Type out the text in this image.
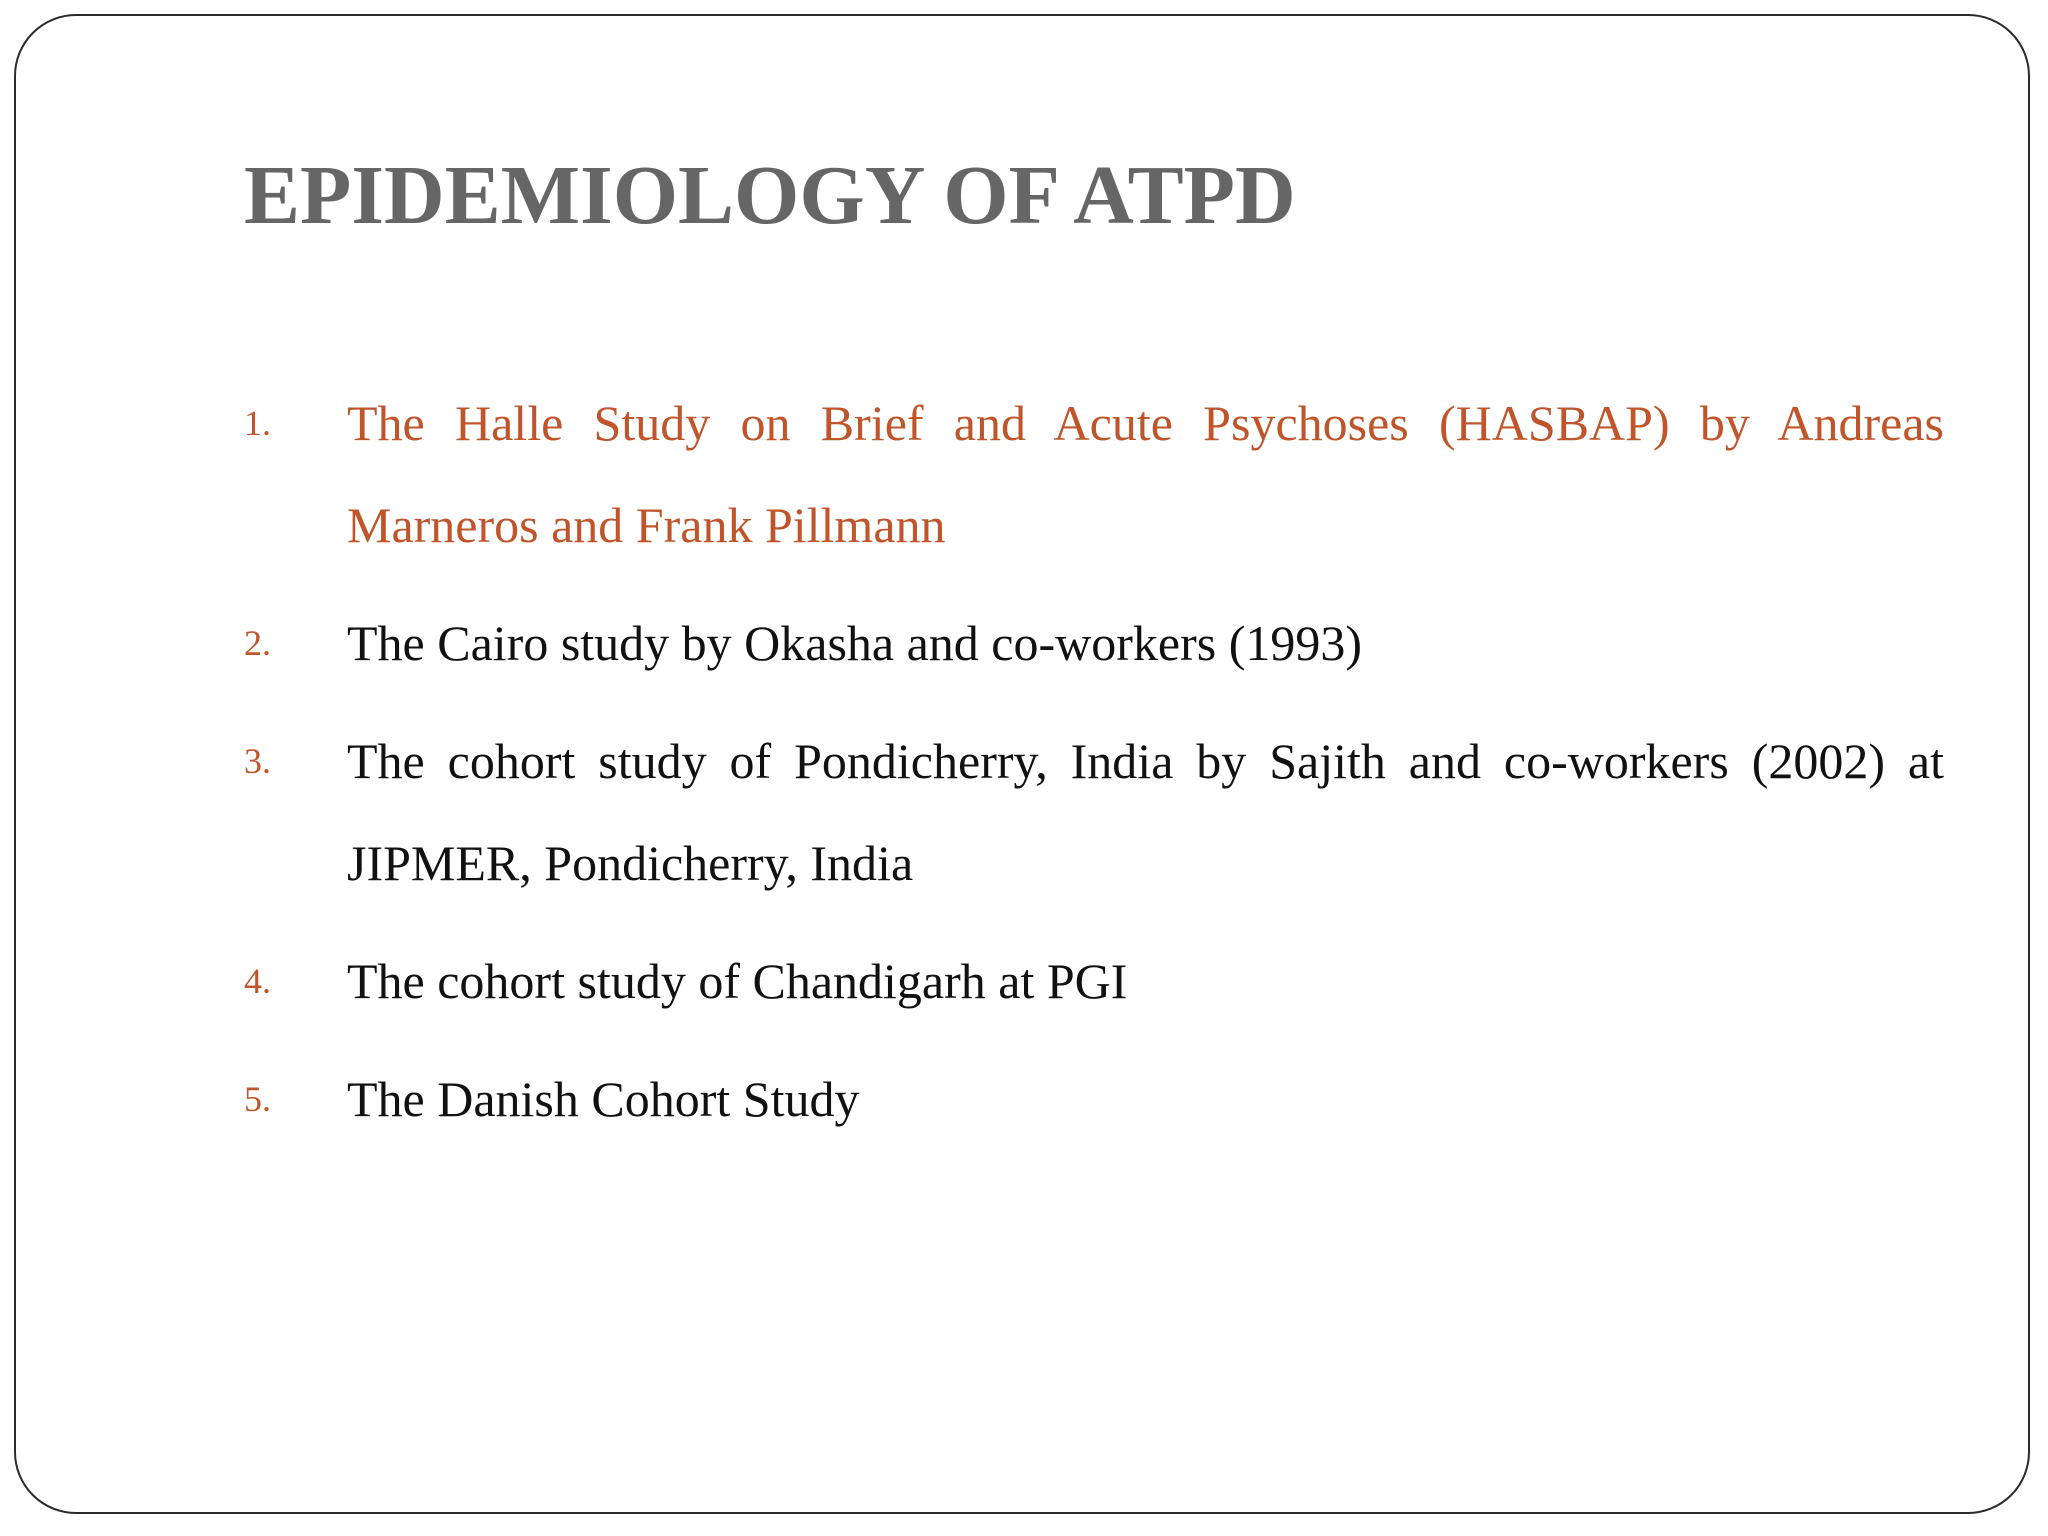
EPIDEMIOLOGY OF ATPD
1. The Halle Study on Brief and Acute Psychoses (HASBAP) by Andreas Marneros and Frank Pillmann
2. The Cairo study by Okasha and co-workers (1993)
3. The cohort study of Pondicherry, India by Sajith and co-workers (2002) at JIPMER, Pondicherry, India
4. The cohort study of Chandigarh at PGI
5. The Danish Cohort Study
